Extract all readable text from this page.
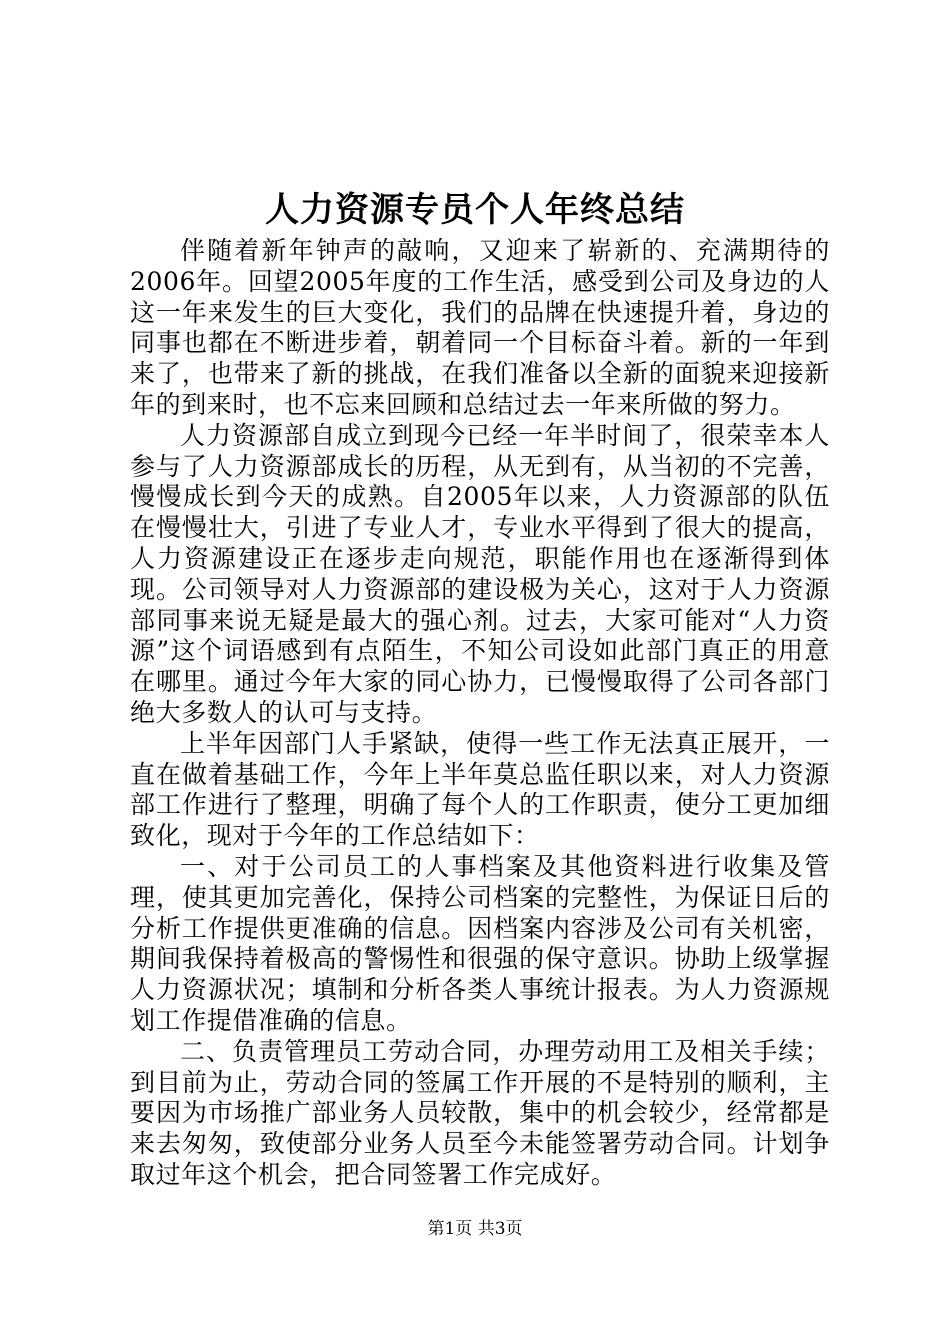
人力资源专员个人年终总结

伴随着新年钟声的敲响，又迎来了崭新的、充满期待的2006年。回望2005年度的工作生活，感受到公司及身边的人这一年来发生的巨大变化，我们的品牌在快速提升着，身边的同事也都在不断进步着，朝着同一个目标奋斗着。新的一年到来了，也带来了新的挑战，在我们准备以全新的面貌来迎接新年的到来时，也不忘来回顾和总结过去一年来所做的努力。

人力资源部自成立到现今已经一年半时间了，很荣幸本人参与了人力资源部成长的历程，从无到有，从当初的不完善，慢慢成长到今天的成熟。自2005年以来，人力资源部的队伍在慢慢壮大，引进了专业人才，专业水平得到了很大的提高，人力资源建设正在逐步走向规范，职能作用也在逐渐得到体现。公司领导对人力资源部的建设极为关心，这对于人力资源部同事来说无疑是最大的强心剂。过去，大家可能对“人力资源”这个词语感到有点陌生，不知公司设如此部门真正的用意在哪里。通过今年大家的同心协力，已慢慢取得了公司各部门绝大多数人的认可与支持。

上半年因部门人手紧缺，使得一些工作无法真正展开，一直在做着基础工作，今年上半年莫总监任职以来，对人力资源部工作进行了整理，明确了每个人的工作职责，使分工更加细致化，现对于今年的工作总结如下：

一、对于公司员工的人事档案及其他资料进行收集及管理，使其更加完善化，保持公司档案的完整性，为保证日后的分析工作提供更准确的信息。因档案内容涉及公司有关机密，期间我保持着极高的警惕性和很强的保守意识。协助上级掌握人力资源状况；填制和分析各类人事统计报表。为人力资源规划工作提借准确的信息。

二、负责管理员工劳动合同，办理劳动用工及相关手续；到目前为止，劳动合同的签属工作开展的不是特别的顺利，主要因为市场推广部业务人员较散，集中的机会较少，经常都是来去匆匆，致使部分业务人员至今未能签署劳动合同。计划争取过年这个机会，把合同签署工作完成好。

第1页 共3页
